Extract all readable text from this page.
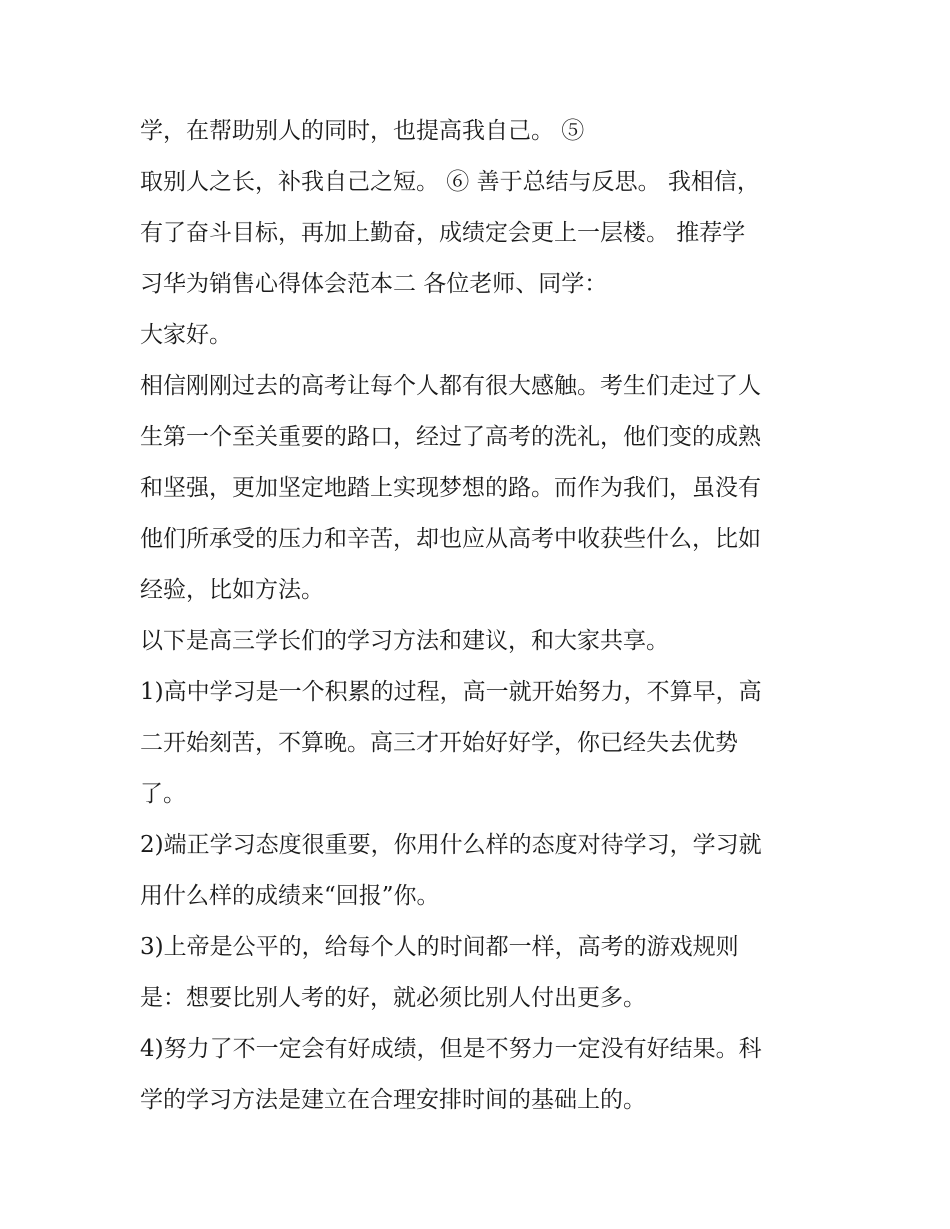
学，在帮助别人的同时，也提高我自己。 ⑤
取别人之长，补我自己之短。 ⑥ 善于总结与反思。 我相信，
有了奋斗目标，再加上勤奋，成绩定会更上一层楼。 推荐学
习华为销售心得体会范本二 各位老师、同学：
大家好。
相信刚刚过去的高考让每个人都有很大感触。考生们走过了人
生第一个至关重要的路口，经过了高考的洗礼，他们变的成熟
和坚强，更加坚定地踏上实现梦想的路。而作为我们，虽没有
他们所承受的压力和辛苦，却也应从高考中收获些什么，比如
经验，比如方法。
以下是高三学长们的学习方法和建议，和大家共享。
1)高中学习是一个积累的过程，高一就开始努力，不算早，高
二开始刻苦，不算晚。高三才开始好好学，你已经失去优势
了。
2)端正学习态度很重要，你用什么样的态度对待学习，学习就
用什么样的成绩来“回报”你。
3)上帝是公平的，给每个人的时间都一样，高考的游戏规则
是：想要比别人考的好，就必须比别人付出更多。
4)努力了不一定会有好成绩，但是不努力一定没有好结果。科
学的学习方法是建立在合理安排时间的基础上的。
